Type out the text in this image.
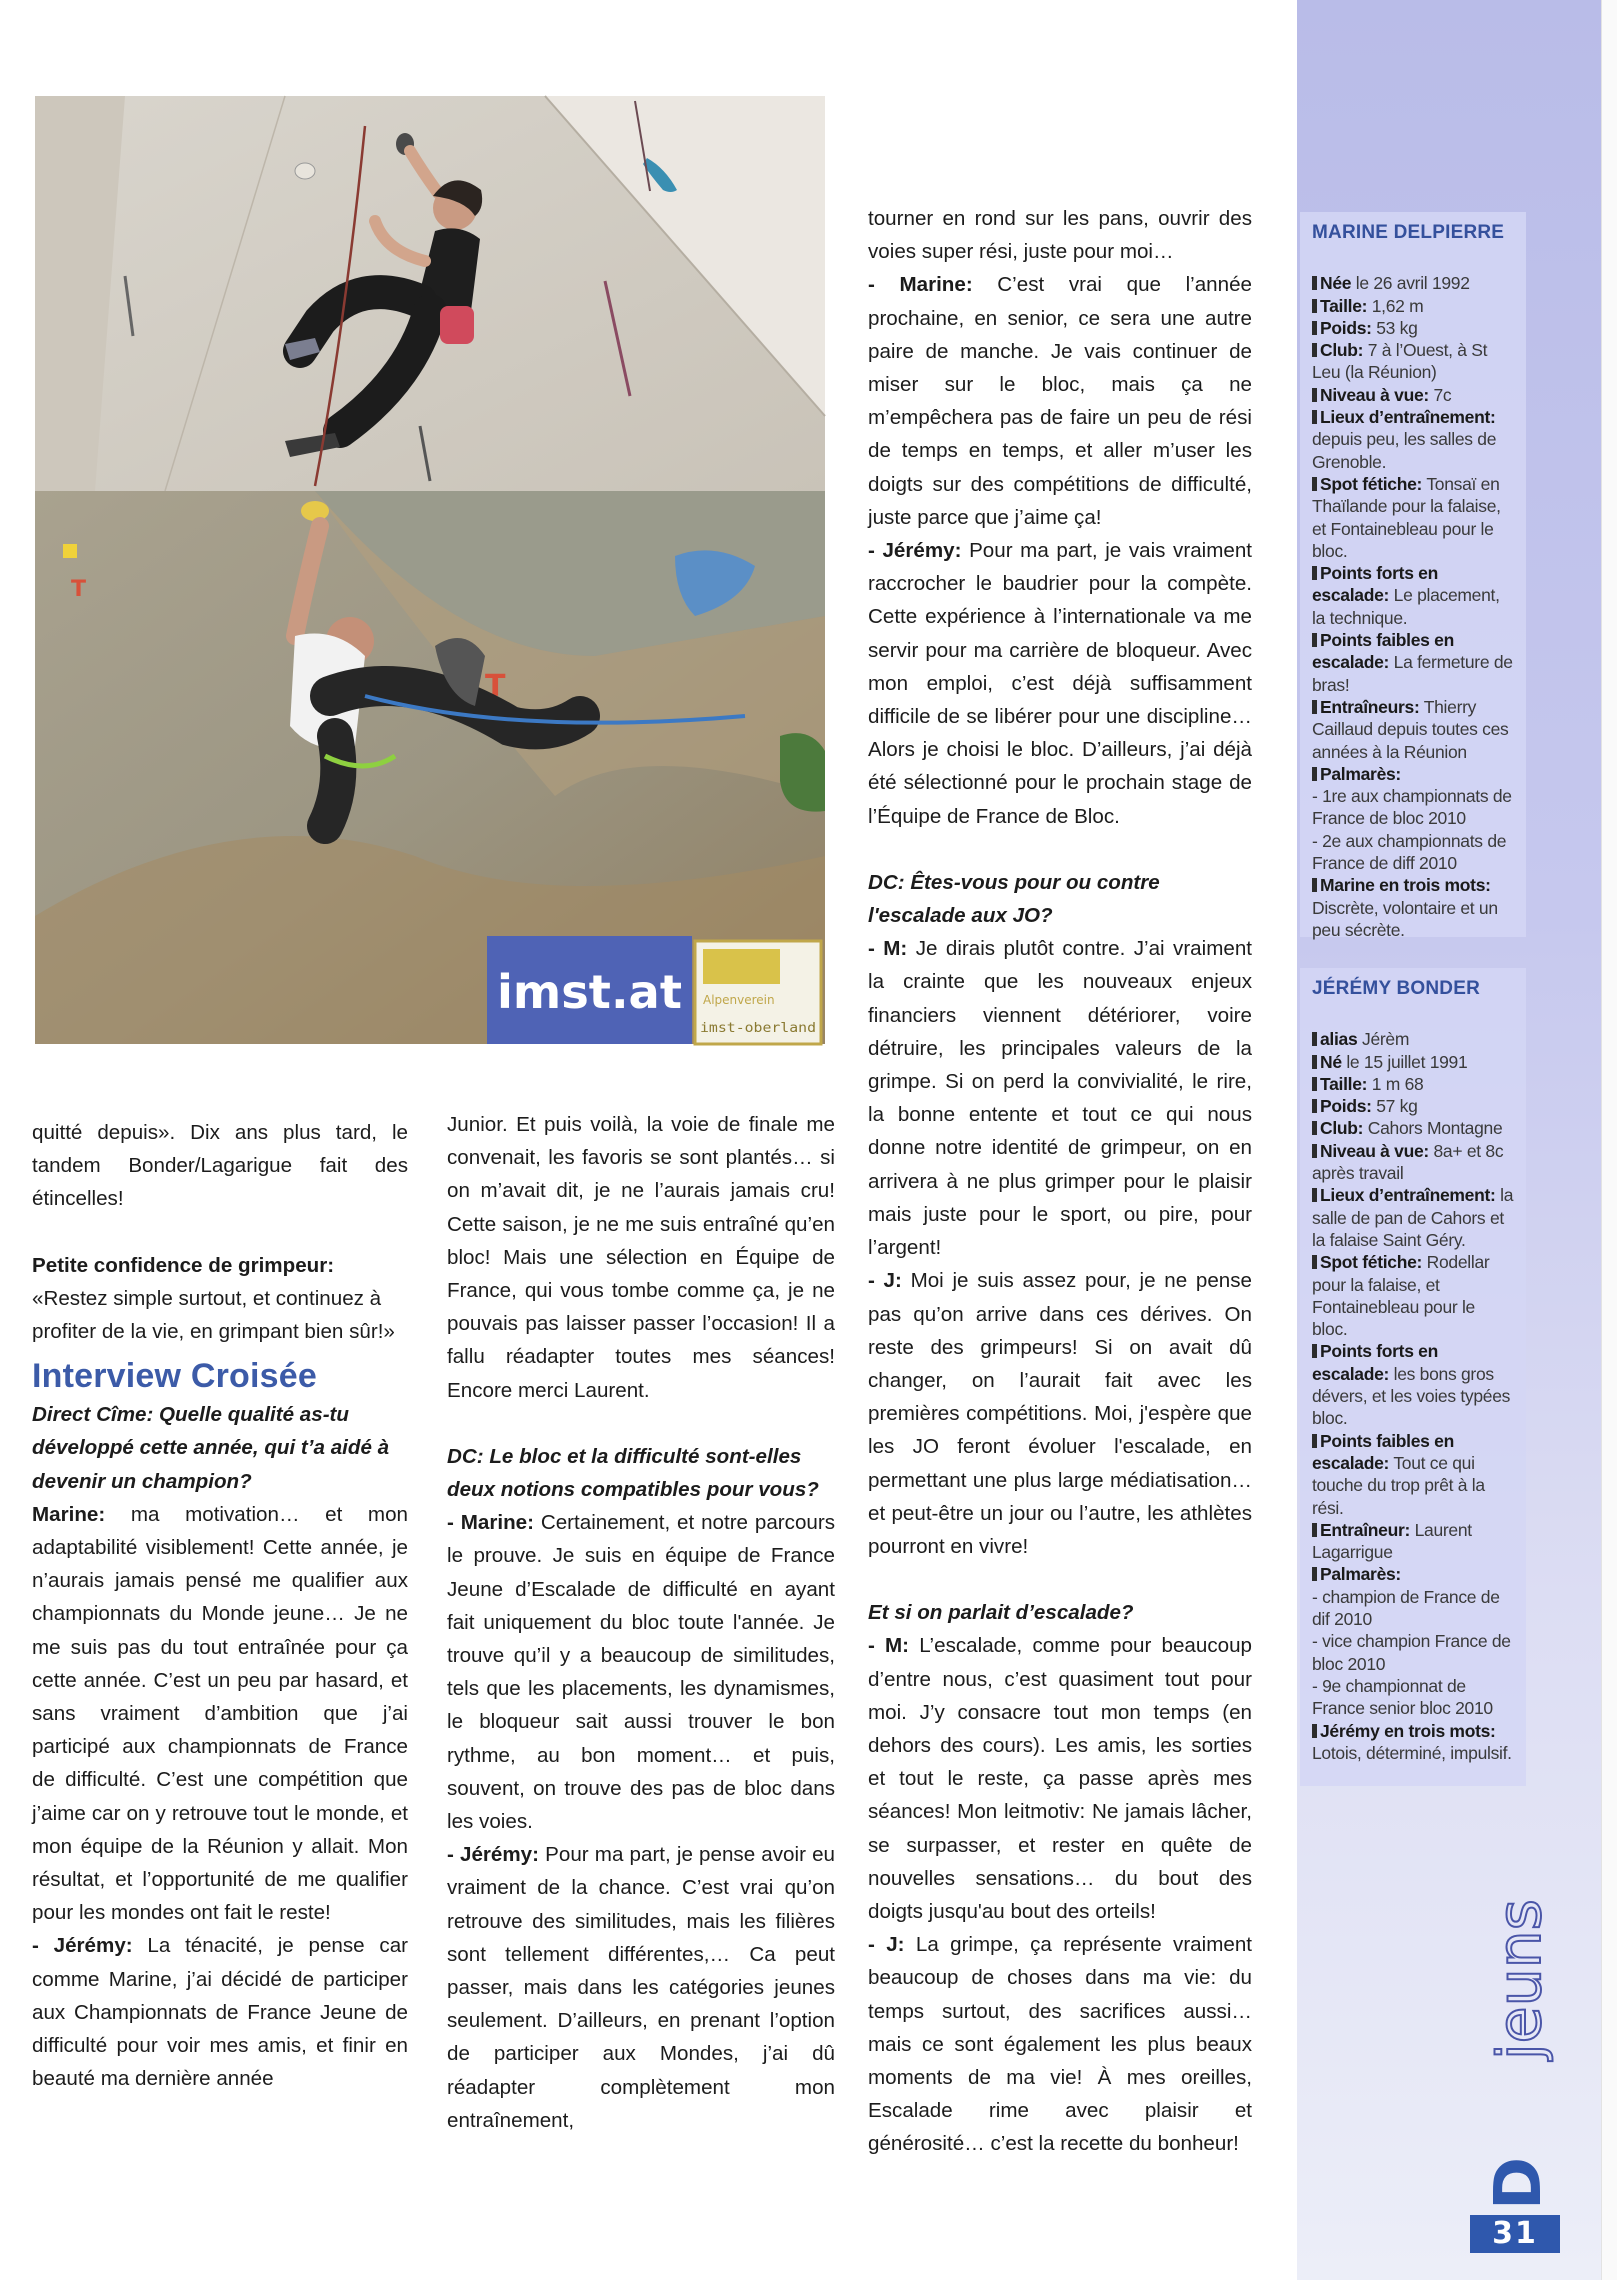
T
T
imst.at Alpenverein
imst-oberland

quitté depuis». Dix ans plus tard, le tandem Bonder/Lagarigue fait des étincelles!

Petite confidence de grimpeur:

«Restez simple surtout, et continuez à profiter de la vie, en grimpant bien sûr!»

Interview Croisée

Direct Cîme: Quelle qualité as-tu développé cette année, qui t’a aidé à devenir un champion?

Marine: ma motivation… et mon adaptabilité visiblement! Cette année, je n’aurais jamais pensé me qualifier aux championnats du Monde jeune… Je ne me suis pas du tout entraînée pour ça cette année. C’est un peu par hasard, et sans vraiment d’ambition que j’ai participé aux championnats de France de difficulté. C’est une compétition que j’aime car on y retrouve tout le monde, et mon équipe de la Réunion y allait. Mon résultat, et l’opportunité de me qualifier pour les mondes ont fait le reste!

- Jérémy: La ténacité, je pense car comme Marine, j’ai décidé de participer aux Championnats de France Jeune de difficulté pour voir mes amis, et finir en beauté ma dernière année

Junior. Et puis voilà, la voie de finale me convenait, les favoris se sont plantés… si on m’avait dit, je ne l’aurais jamais cru! Cette saison, je ne me suis entraîné qu’en bloc! Mais une sélection en Équipe de France, qui vous tombe comme ça, je ne pouvais pas laisser passer l’occasion! Il a fallu réadapter toutes mes séances! Encore merci Laurent.

DC: Le bloc et la difficulté sont-elles deux notions compatibles pour vous?

- Marine: Certainement, et notre parcours le prouve. Je suis en équipe de France Jeune d’Escalade de difficulté en ayant fait uniquement du bloc toute l'année. Je trouve qu’il y a beaucoup de similitudes, tels que les placements, les dynamismes, le bloqueur sait aussi trouver le bon rythme, au bon moment… et puis, souvent, on trouve des pas de bloc dans les voies.

- Jérémy: Pour ma part, je pense avoir eu vraiment de la chance. C’est vrai qu’on retrouve des similitudes, mais les filières sont tellement différentes,… Ca peut passer, mais dans les catégories jeunes seulement. D’ailleurs, en prenant l’option de participer aux Mondes, j’ai dû réadapter complètement mon entraînement,

tourner en rond sur les pans, ouvrir des voies super rési, juste pour moi…

- Marine: C’est vrai que l’année prochaine, en senior, ce sera une autre paire de manche. Je vais continuer de miser sur le bloc, mais ça ne m’empêchera pas de faire un peu de rési de temps en temps, et aller m’user les doigts sur des compétitions de difficulté, juste parce que j’aime ça!

- Jérémy: Pour ma part, je vais vraiment raccrocher le baudrier pour la compète. Cette expérience à l’internationale va me servir pour ma carrière de bloqueur. Avec mon emploi, c’est déjà suffisamment difficile de se libérer pour une discipline… Alors je choisi le bloc. D’ailleurs, j’ai déjà été sélectionné pour le prochain stage de l’Équipe de France de Bloc.

DC: Êtes-vous pour ou contre l'escalade aux JO?

- M: Je dirais plutôt contre. J’ai vraiment la crainte que les nouveaux enjeux financiers viennent détériorer, voire détruire, les principales valeurs de la grimpe. Si on perd la convivialité, le rire, la bonne entente et tout ce qui nous donne notre identité de grimpeur, on en arrivera à ne plus grimper pour le plaisir mais juste pour le sport, ou pire, pour l’argent!

- J: Moi je suis assez pour, je ne pense pas qu’on arrive dans ces dérives. On reste des grimpeurs! Si on avait dû changer, on l’aurait fait avec les premières compétitions. Moi, j'espère que les JO feront évoluer l'escalade, en permettant une plus large médiatisation… et peut-être un jour ou l’autre, les athlètes pourront en vivre!

Et si on parlait d’escalade?

- M: L’escalade, comme pour beaucoup d’entre nous, c’est quasiment tout pour moi. J’y consacre tout mon temps (en dehors des cours). Les amis, les sorties et tout le reste, ça passe après mes séances! Mon leitmotiv: Ne jamais lâcher, se surpasser, et rester en quête de nouvelles sensations… du bout des doigts jusqu'au bout des orteils!

- J: La grimpe, ça représente vraiment beaucoup de choses dans ma vie: du temps surtout, des sacrifices aussi… mais ce sont également les plus beaux moments de ma vie! À mes oreilles, Escalade rime avec plaisir et générosité… c’est la recette du bonheur!

MARINE DELPIERRE

Née le 26 avril 1992

Taille: 1,62 m

Poids: 53 kg

Club: 7 à l’Ouest, à St Leu (la Réunion)

Niveau à vue: 7c

Lieux d’entraînement: depuis peu, les salles de Grenoble.

Spot fétiche: Tonsaï en Thaïlande pour la falaise, et Fontainebleau pour le bloc.

Points forts en escalade: Le placement, la technique.

Points faibles en escalade: La fermeture de bras!

Entraîneurs: Thierry Caillaud depuis toutes ces années à la Réunion

Palmarès:
- 1re aux championnats de France de bloc 2010
- 2e aux championnats de France de diff 2010

Marine en trois mots: Discrète, volontaire et un peu sécrète.

JÉRÉMY BONDER

alias Jérèm

Né le 15 juillet 1991

Taille: 1 m 68

Poids: 57 kg

Club: Cahors Montagne

Niveau à vue: 8a+ et 8c après travail

Lieux d’entraînement: la salle de pan de Cahors et la falaise Saint Géry.

Spot fétiche: Rodellar pour la falaise, et Fontainebleau pour le bloc.

Points forts en escalade: les bons gros dévers, et les voies typées bloc.

Points faibles en escalade: Tout ce qui touche du trop prêt à la rési.

Entraîneur: Laurent Lagarrigue

Palmarès:
- champion de France de dif 2010
- vice champion France de bloc 2010
- 9e championnat de France senior bloc 2010

Jérémy en trois mots: Lotois, déterminé, impulsif.

D
jeuns
31
